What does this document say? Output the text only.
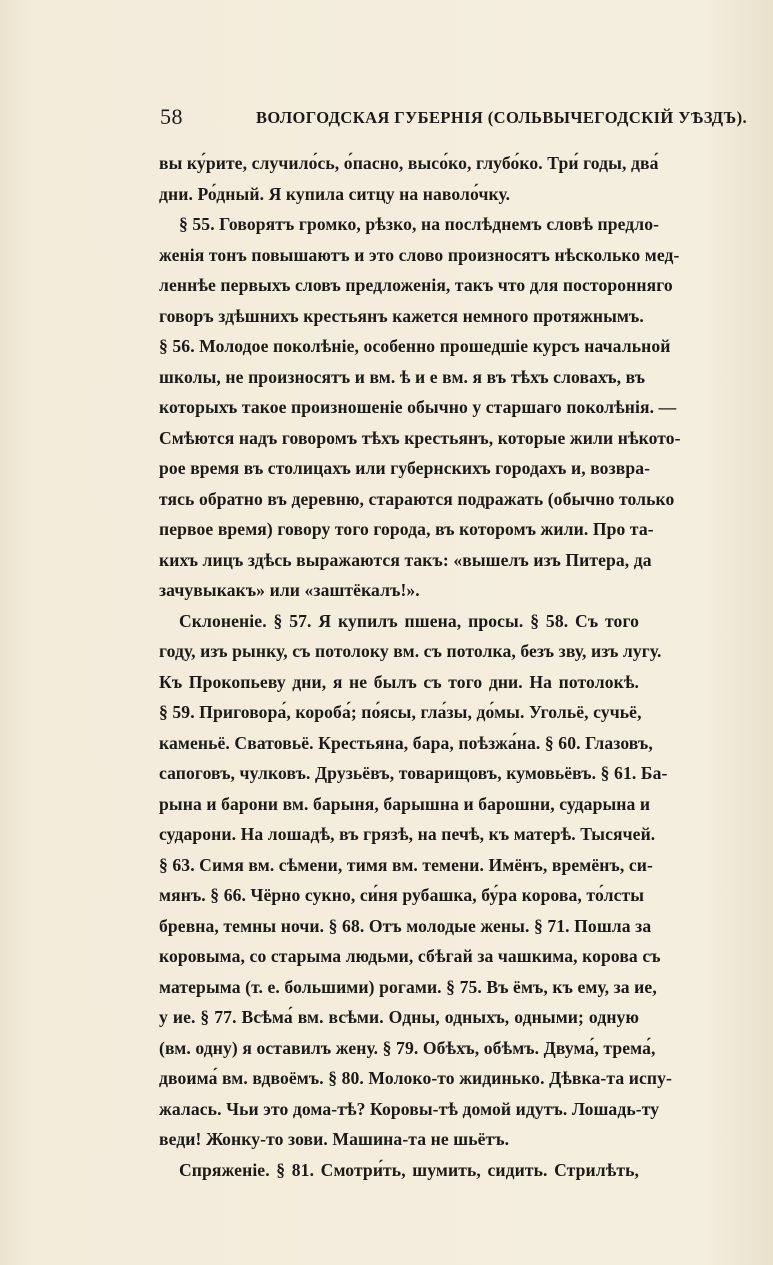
58	ВОЛОГОДСКАЯ ГУБЕРНІЯ (СОЛЬВЫЧЕГОДСКІЙ УѢЗДЪ).
вы ку́рите, случило́сь, о́пасно, высо́ко, глубо́ко. Три́ годы, два́
дни. Ро́дный. Я купила ситцу на наволо́чку.
§ 55. Говорятъ громко, рѣзко, на послѣднемъ словѣ предло-
женія тонъ повышаютъ и это слово произносятъ нѣсколько мед-
леннѣе первыхъ словъ предложенія, такъ что для посторонняго
говоръ здѣшнихъ крестьянъ кажется немного протяжнымъ.
§ 56. Молодое поколѣніе, особенно прошедшіе курсъ начальной
школы, не произносятъ и вм. ѣ и е вм. я въ тѣхъ словахъ, въ
которыхъ такое произношеніе обычно у старшаго поколѣнія. —
Смѣются надъ говоромъ тѣхъ крестьянъ, которые жили нѣкото-
рое время въ столицахъ или губернскихъ городахъ и, возвра-
тясь обратно въ деревню, стараются подражать (обычно только
первое время) говору того города, въ которомъ жили. Про та-
кихъ лицъ здѣсь выражаются такъ: «вышелъ изъ Питера, да
зачувыкакъ» или «заштёкалъ!».
Склоненіе. § 57. Я купилъ пшена, просы. § 58. Съ того
году, изъ рынку, съ потолоку вм. съ потолка, безъ зву, изъ лугу.
Къ Прокопьеву дни, я не былъ съ того дни. На потолокѣ.
§ 59. Приговора́, короба́; по́ясы, гла́зы, до́мы. Угольё, сучьё,
каменьё. Сватовьё. Крестьяна, бара, поѣзжа́на. § 60. Глазовъ,
сапоговъ, чулковъ. Друзьёвъ, товарищовъ, кумовьёвъ. § 61. Ба-
рына и барони вм. барыня, барышна и барошни, сударына и
сударони. На лошадѣ, въ грязѣ, на печѣ, къ матерѣ. Тысячей.
§ 63. Симя вм. сѣмени, тимя вм. темени. Имёнъ, времёнъ, си-
мянъ. § 66. Чёрно сукно, си́ня рубашка, бу́ра корова, то́лсты
бревна, темны ночи. § 68. Отъ молодые жены. § 71. Пошла за
коровыма, со старыма людьми, сбѣгай за чашкима, корова съ
матерыма (т. е. большими) рогами. § 75. Въ ёмъ, къ ему, за ие,
у ие. § 77. Всѣма́ вм. всѣми. Одны, одныхъ, одными; одную
(вм. одну) я оставилъ жену. § 79. Обѣхъ, обѣмъ. Двума́, трема́,
двоима́ вм. вдвоёмъ. § 80. Молоко-то жидинько. Дѣвка-та испу-
жалась. Чьи это дома-тѣ? Коровы-тѣ домой идутъ. Лошадь-ту
веди! Жонку-то зови. Машина-та не шьётъ.
Спряженіе. § 81. Смотри́ть, шумить, сидить. Стрилѣть,
